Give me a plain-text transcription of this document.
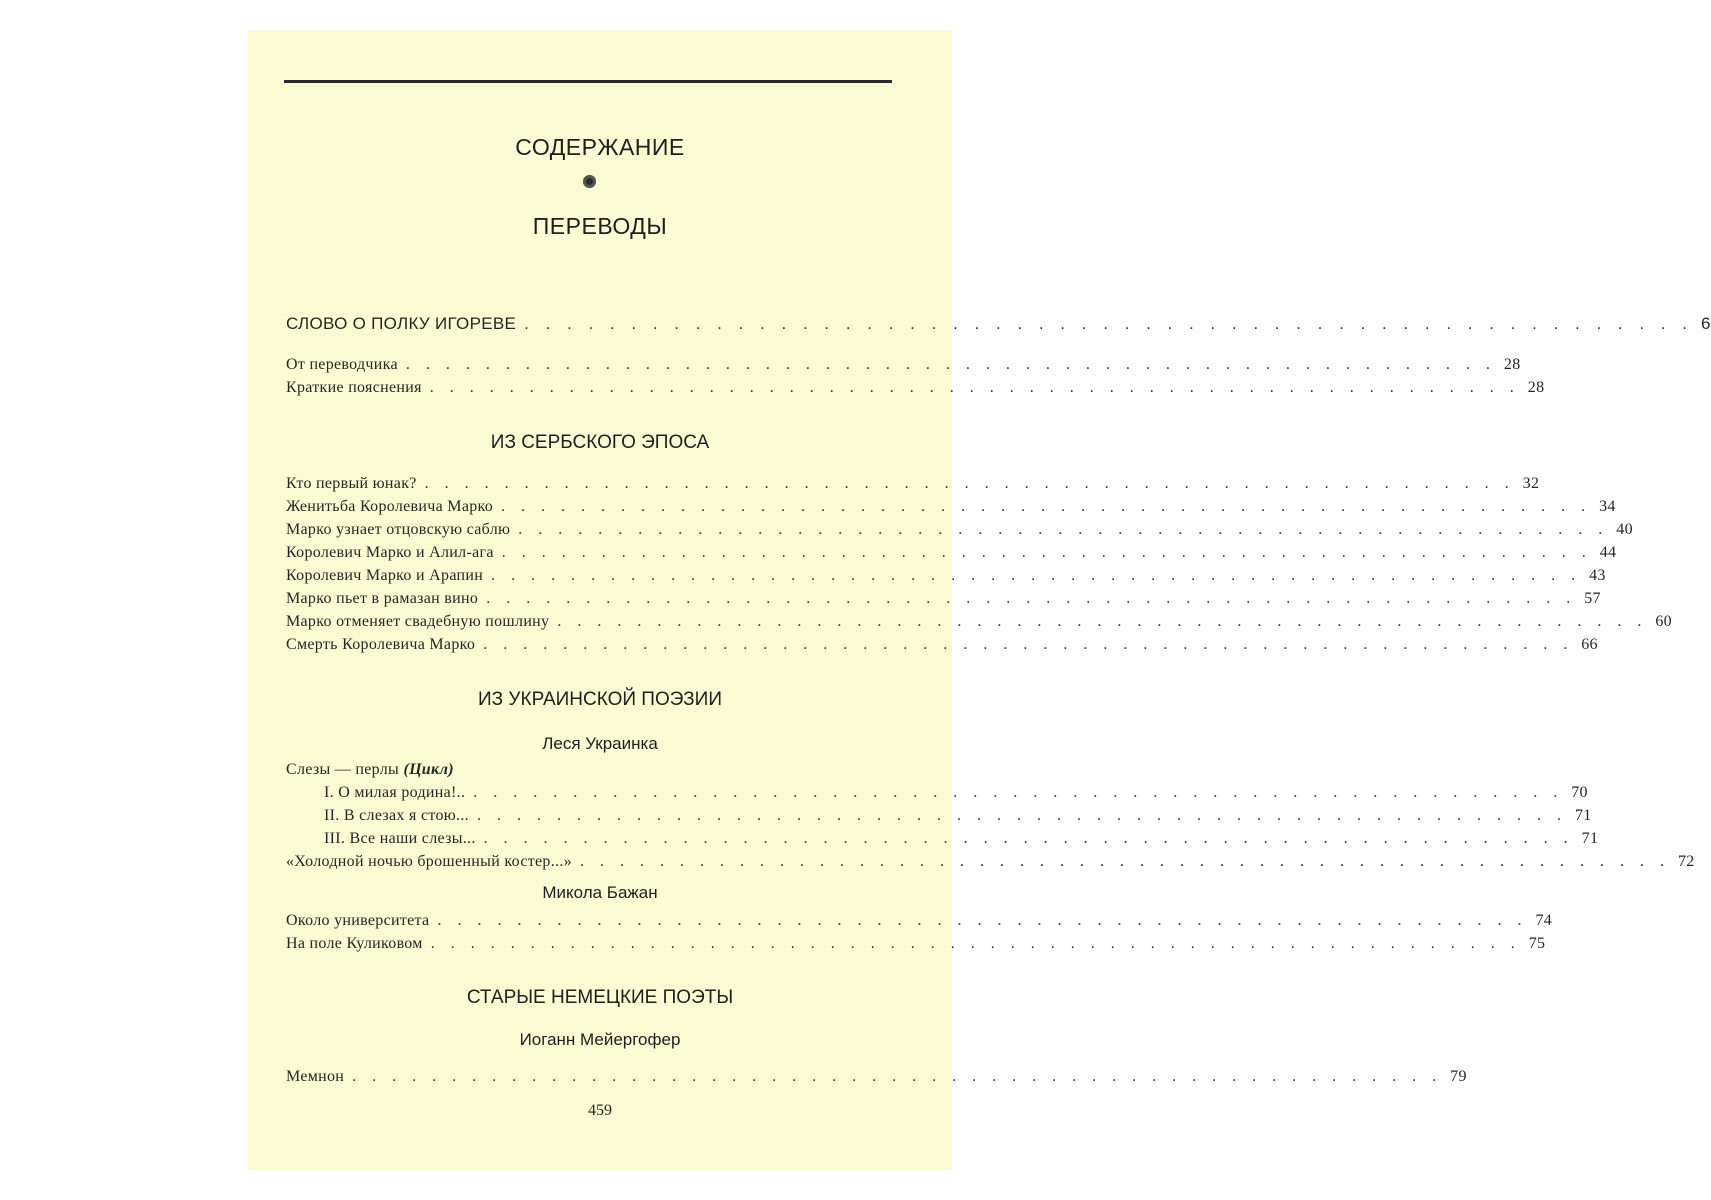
СОДЕРЖАНИЕ
ПЕРЕВОДЫ
СЛОВО О ПОЛКУ ИГОРЕВЕ . . . . . . . . . . . . . . . . . . . . . . . . . . . . . . . . . . . . . . . . . . . . . . . . . . . . . . . 6
От переводчика . . . . . . . . . . . . . . . . . . . . . . . . . . . . . . . . . . . . . . . . . . . . . . . . . . . . . . . 28
Краткие пояснения . . . . . . . . . . . . . . . . . . . . . . . . . . . . . . . . . . . . . . . . . . . . . . . . . . . . . . . 28
ИЗ СЕРБСКОГО ЭПОСА
Кто первый юнак? . . . . . . . . . . . . . . . . . . . . . . . . . . . . . . . . . . . . . . . . . . . . . . . . . . . . . . . 32
Женитьба Королевича Марко . . . . . . . . . . . . . . . . . . . . . . . . . . . . . . . . . . . . . . . . . . . . . . . . . . . . . . . 34
Марко узнает отцовскую саблю . . . . . . . . . . . . . . . . . . . . . . . . . . . . . . . . . . . . . . . . . . . . . . . . . . . . . . . 40
Королевич Марко и Алил-ага . . . . . . . . . . . . . . . . . . . . . . . . . . . . . . . . . . . . . . . . . . . . . . . . . . . . . . . 44
Королевич Марко и Арапин . . . . . . . . . . . . . . . . . . . . . . . . . . . . . . . . . . . . . . . . . . . . . . . . . . . . . . . 43
Марко пьет в рамазан вино . . . . . . . . . . . . . . . . . . . . . . . . . . . . . . . . . . . . . . . . . . . . . . . . . . . . . . . 57
Марко отменяет свадебную пошлину . . . . . . . . . . . . . . . . . . . . . . . . . . . . . . . . . . . . . . . . . . . . . . . . . . . . . . . 60
Смерть Королевича Марко . . . . . . . . . . . . . . . . . . . . . . . . . . . . . . . . . . . . . . . . . . . . . . . . . . . . . . . 66
ИЗ УКРАИНСКОЙ ПОЭЗИИ
Леся Украинка
Слезы — перлы (Цикл)
I. О милая родина!.. . . . . . . . . . . . . . . . . . . . . . . . . . . . . . . . . . . . . . . . . . . . . . . . . . . . . . . . 70
II. В слезах я стою... . . . . . . . . . . . . . . . . . . . . . . . . . . . . . . . . . . . . . . . . . . . . . . . . . . . . . . . 71
III. Все наши слезы... . . . . . . . . . . . . . . . . . . . . . . . . . . . . . . . . . . . . . . . . . . . . . . . . . . . . . . . 71
«Холодной ночью брошенный костер...» . . . . . . . . . . . . . . . . . . . . . . . . . . . . . . . . . . . . . . . . . . . . . . . . . . . . . . . 72
Микола Бажан
Около университета . . . . . . . . . . . . . . . . . . . . . . . . . . . . . . . . . . . . . . . . . . . . . . . . . . . . . . . 74
На поле Куликовом . . . . . . . . . . . . . . . . . . . . . . . . . . . . . . . . . . . . . . . . . . . . . . . . . . . . . . . 75
СТАРЫЕ НЕМЕЦКИЕ ПОЭТЫ
Иоганн Мейергофер
Мемнон . . . . . . . . . . . . . . . . . . . . . . . . . . . . . . . . . . . . . . . . . . . . . . . . . . . . . . . 79
459
